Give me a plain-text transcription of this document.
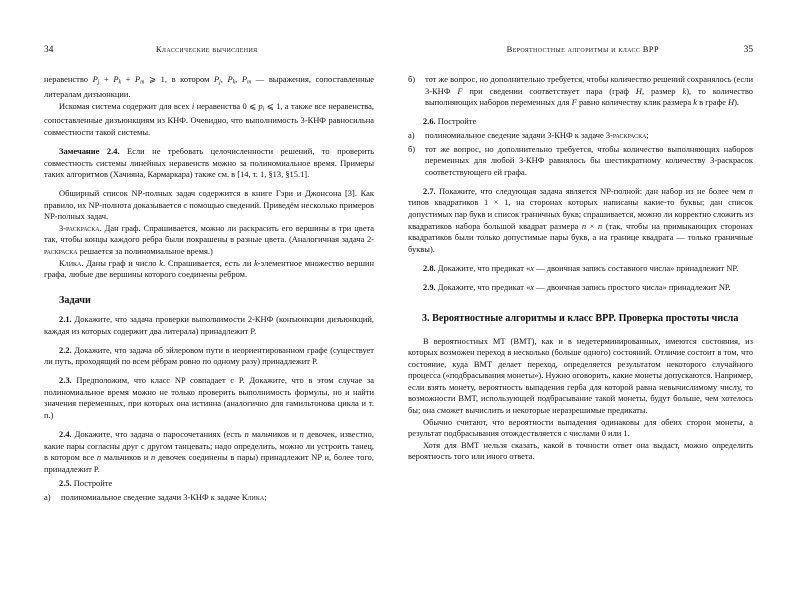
34	Классические вычисления

неравенство $P_j + P_k + P_m$ ⩾ 1, в котором $P_j$, $P_k$, $P_m$ — выражения, сопоставленные литералам дизъюнкции.

Искомая система содержит для всех i неравенства 0 ⩽ $p_i$ ⩽ 1, а также все неравенства, сопоставленные дизъюнкциям из КНФ. Очевидно, что выполнимость 3-КНФ равносильна совместности такой системы.

Замечание 2.4. Если не требовать целочисленности решений, то проверить совместность системы линейных неравенств можно за полиномиальное время. Примеры таких алгоритмов (Хачияна, Кармаркара) также см. в [14, т. 1, §13, §15.1].

Обширный список NP-полных задач содержится в книге Гэри и Джонсона [3]. Как правило, их NP-полнота доказывается с помощью сведений. Приведём несколько примеров NP-полных задач.

3-раскраска. Дан граф. Спрашивается, можно ли раскрасить его вершины в три цвета так, чтобы концы каждого ребра были покрашены в разные цвета. (Аналогичная задача 2-раскраска решается за полиномиальное время.)

Клика. Даны граф и число k. Спрашивается, есть ли k-элементное множество вершин графа, любые две вершины которого соединены ребром.

Задачи

2.1. Докажите, что задача проверки выполнимости 2-КНФ (конъюнкции дизъюнкций, каждая из которых содержит два литерала) принадлежит P.

2.2. Докажите, что задача об эйлеровом пути в неориентированном графе (существует ли путь, проходящий по всем рёбрам ровно по одному разу) принадлежит P.

2.3. Предположим, что класс NP совпадает с P. Докажите, что в этом случае за полиномиальное время можно не только проверить выполнимость формулы, но и найти значения переменных, при которых она истинна (аналогично для гамильтонова цикла и т. п.)

2.4. Докажите, что задача о паросочетаниях (есть n мальчиков и n девочек, известно, какие пары согласны друг с другом танцевать; надо определить, можно ли устроить танец, в котором все n мальчиков и n девочек соединены в пары) принадлежит NP и, более того, принадлежит P.

2.5. Постройте

а)	полиномиальное сведение задачи 3-КНФ к задаче Клика;
Вероятностные алгоритмы и класс BPP	35
б)	тот же вопрос, но дополнительно требуется, чтобы количество решений сохранялось (если 3-КНФ F при сведении соответствует пара (граф H, размер k), то количество выполняющих наборов переменных для F равно количеству клик размера k в графе H).

2.6. Постройте

а)	полиномиальное сведение задачи 3-КНФ к задаче 3-раскраска;
б)	тот же вопрос, но дополнительно требуется, чтобы количество выполняющих наборов переменных для любой 3-КНФ равнялось бы шестикратному количеству 3-раскрасок соответствующего ей графа.

2.7. Покажите, что следующая задача является NP-полной: дан набор из не более чем n типов квадратиков 1 × 1, на сторонах которых написаны какие-то буквы; дан список допустимых пар букв и список граничных букв; спрашивается, можно ли корректно сложить из квадратиков набора большой квадрат размера n × n (так, чтобы на примыкающих сторонах квадратиков были только допустимые пары букв, а на границе квадрата — только граничные буквы).

2.8. Докажите, что предикат «x — двоичная запись составного числа» принадлежит NP.

2.9. Докажите, что предикат «x — двоичная запись простого числа» принадлежит NP.

3. Вероятностные алгоритмы и класс BPP. Проверка простоты числа

В вероятностных МТ (ВМТ), как и в недетерминированных, имеются состояния, из которых возможен переход в несколько (больше одного) состояний. Отличие состоит в том, что состояние, куда ВМТ делает переход, определяется результатом некоторого случайного процесса («подбрасывания монеты»). Нужно оговорить, какие монеты допускаются. Например, если взять монету, вероятность выпадения герба для которой равна невычислимому числу, то возможности ВМТ, использующей подбрасывание такой монеты, будут больше, чем хотелось бы; она сможет вычислить и некоторые неразрешимые предикаты.

Обычно считают, что вероятности выпадения одинаковы для обеих сторон монеты, а результат подбрасывания отождествляется с числами 0 или 1.

Хотя для ВМТ нельзя сказать, какой в точности ответ она выдаст, можно определить вероятность того или иного ответа.
